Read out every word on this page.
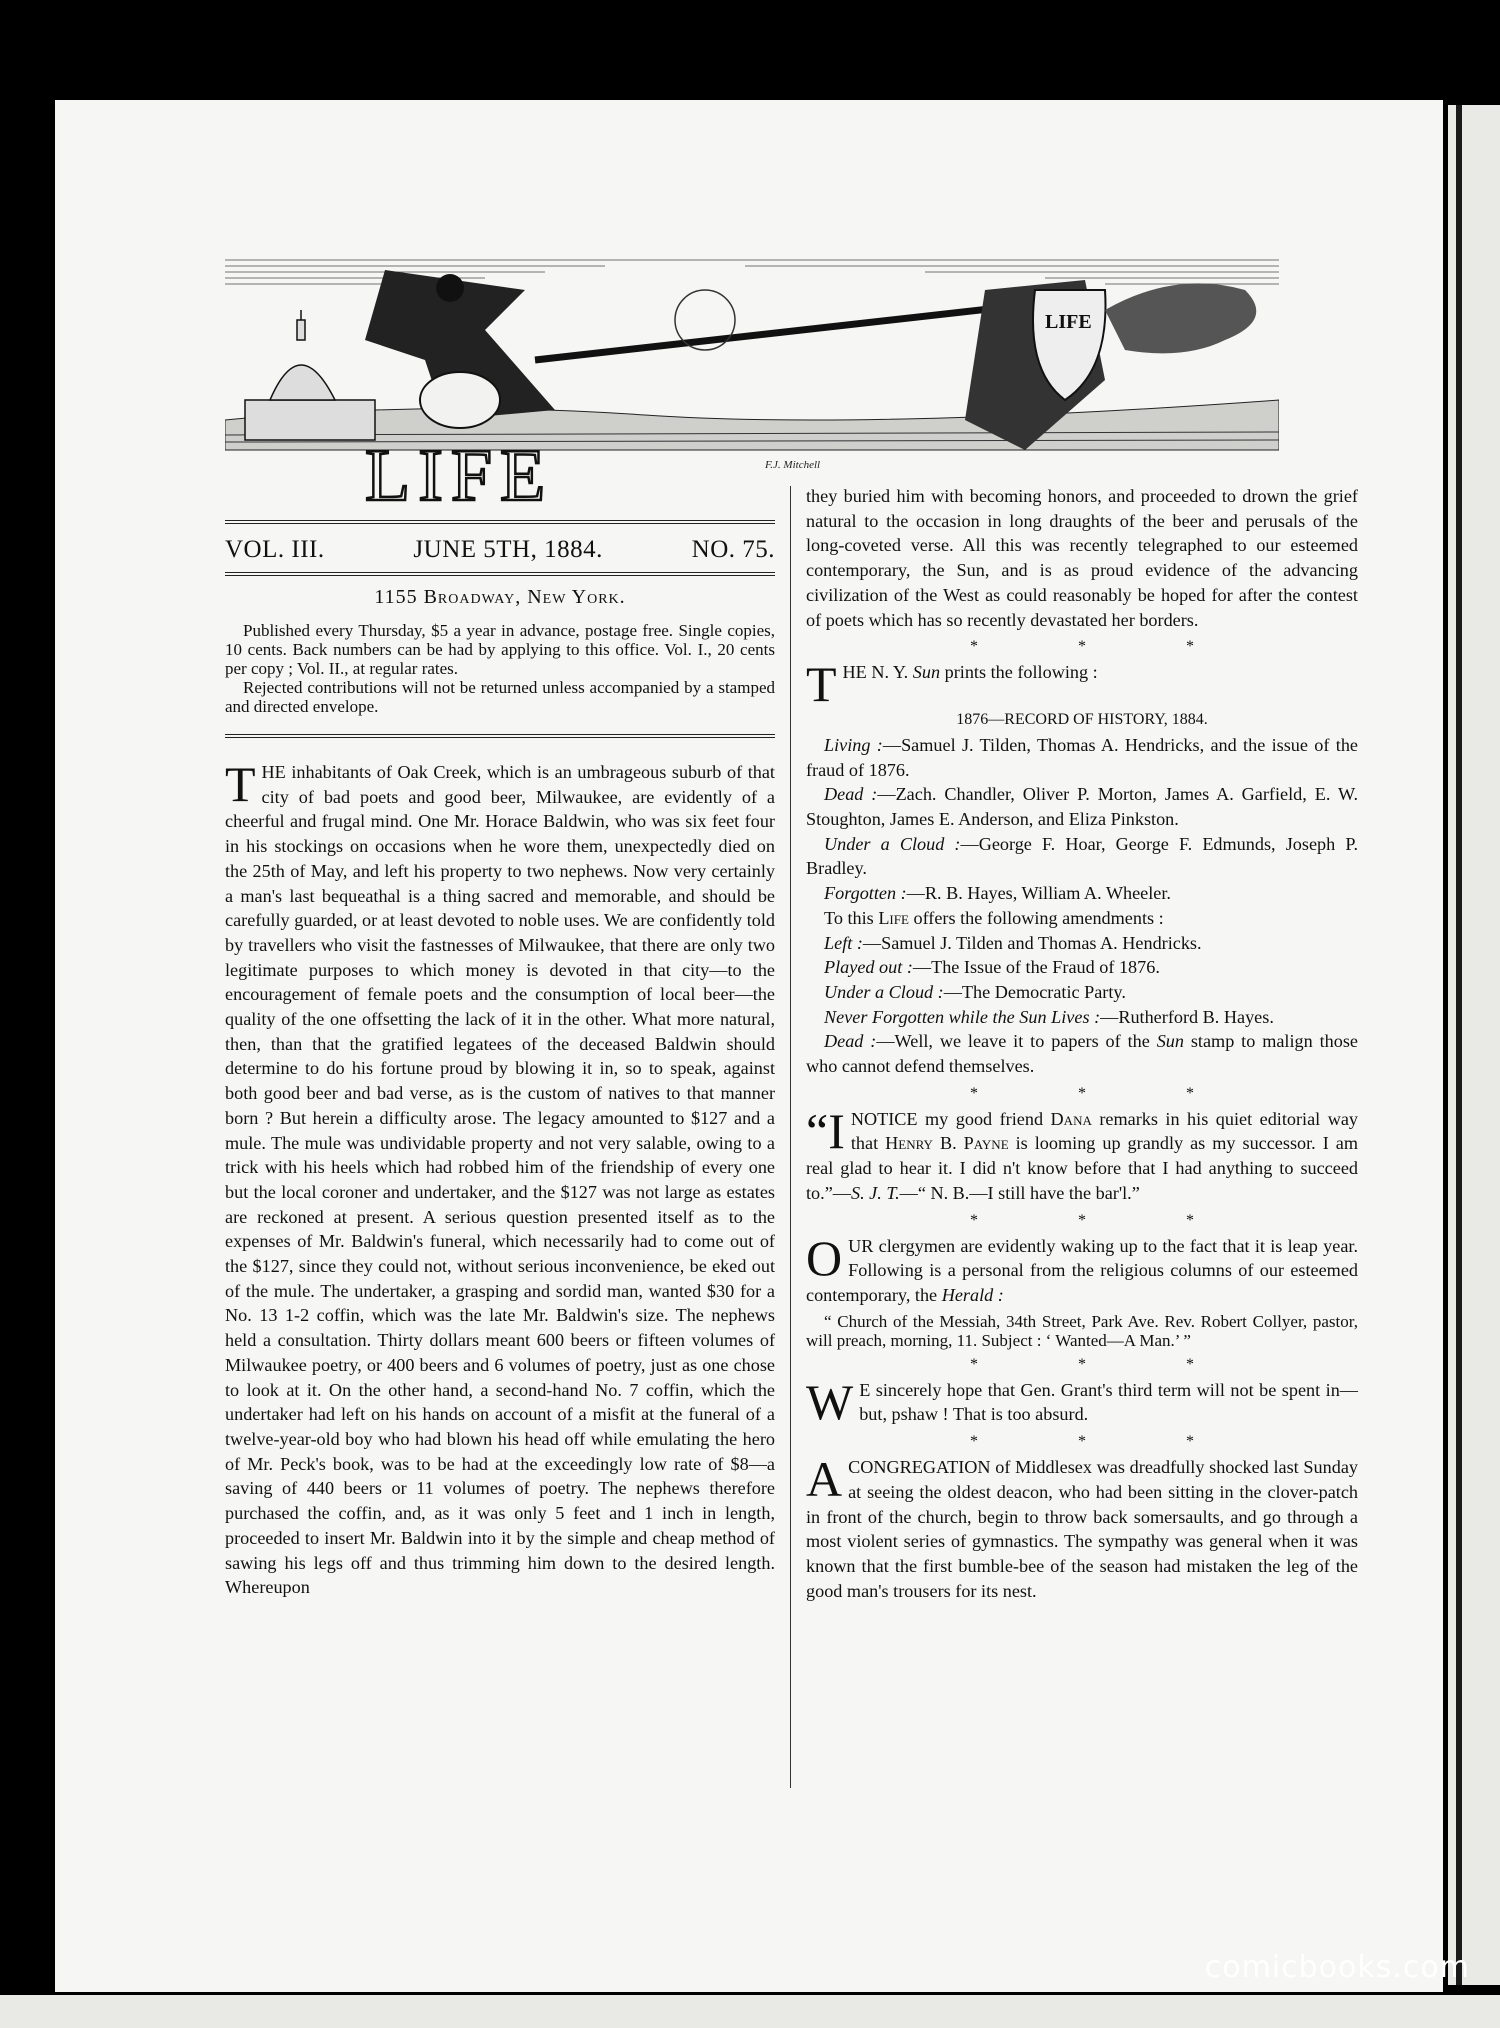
LIFE
LIFE	F.J. Mitchell
VOL. III.	JUNE 5TH, 1884.	NO. 75.
1155 Broadway, New York.

Published every Thursday, $5 a year in advance, postage free. Single copies, 10 cents. Back numbers can be had by applying to this office. Vol. I., 20 cents per copy ; Vol. II., at regular rates.

Rejected contributions will not be returned unless accompanied by a stamped and directed envelope.

T HE inhabitants of Oak Creek, which is an umbrageous suburb of that city of bad poets and good beer, Milwaukee, are evidently of a cheerful and frugal mind. One Mr. Horace Baldwin, who was six feet four in his stockings on occasions when he wore them, unexpectedly died on the 25th of May, and left his property to two nephews. Now very certainly a man's last bequeathal is a thing sacred and memorable, and should be carefully guarded, or at least devoted to noble uses. We are confidently told by travellers who visit the fastnesses of Milwaukee, that there are only two legitimate purposes to which money is devoted in that city—to the encouragement of female poets and the consumption of local beer—the quality of the one offsetting the lack of it in the other. What more natural, then, than that the gratified legatees of the deceased Baldwin should determine to do his fortune proud by blowing it in, so to speak, against both good beer and bad verse, as is the custom of natives to that manner born ? But herein a difficulty arose. The legacy amounted to $127 and a mule. The mule was undividable property and not very salable, owing to a trick with his heels which had robbed him of the friendship of every one but the local coroner and undertaker, and the $127 was not large as estates are reckoned at present. A serious question presented itself as to the expenses of Mr. Baldwin's funeral, which necessarily had to come out of the $127, since they could not, without serious inconvenience, be eked out of the mule. The undertaker, a grasping and sordid man, wanted $30 for a No. 13 1-2 coffin, which was the late Mr. Baldwin's size. The nephews held a consultation. Thirty dollars meant 600 beers or fifteen volumes of Milwaukee poetry, or 400 beers and 6 volumes of poetry, just as one chose to look at it. On the other hand, a second-hand No. 7 coffin, which the undertaker had left on his hands on account of a misfit at the funeral of a twelve-year-old boy who had blown his head off while emulating the hero of Mr. Peck's book, was to be had at the exceedingly low rate of $8—a saving of 440 beers or 11 volumes of poetry. The nephews therefore purchased the coffin, and, as it was only 5 feet and 1 inch in length, proceeded to insert Mr. Baldwin into it by the simple and cheap method of sawing his legs off and thus trimming him down to the desired length. Whereupon
they buried him with becoming honors, and proceeded to drown the grief natural to the occasion in long draughts of the beer and perusals of the long-coveted verse. All this was recently telegraphed to our esteemed contemporary, the Sun, and is as proud evidence of the advancing civilization of the West as could reasonably be hoped for after the contest of poets which has so recently devastated her borders.
* * *

THE N. Y. Sun prints the following :

1876—RECORD OF HISTORY, 1884.

Living :—Samuel J. Tilden, Thomas A. Hendricks, and the issue of the fraud of 1876.

Dead :—Zach. Chandler, Oliver P. Morton, James A. Garfield, E. W. Stoughton, James E. Anderson, and Eliza Pinkston.

Under a Cloud :—George F. Hoar, George F. Edmunds, Joseph P. Bradley.

Forgotten :—R. B. Hayes, William A. Wheeler.

To this Life offers the following amendments :

Left :—Samuel J. Tilden and Thomas A. Hendricks.

Played out :—The Issue of the Fraud of 1876.

Under a Cloud :—The Democratic Party.

Never Forgotten while the Sun Lives :—Rutherford B. Hayes.

Dead :—Well, we leave it to papers of the Sun stamp to malign those who cannot defend themselves.

* * *
“I NOTICE my good friend Dana remarks in his quiet editorial way that Henry B. Payne is looming up grandly as my successor. I am real glad to hear it. I did n't know before that I had anything to succeed to.”—S. J. T.—“ N. B.—I still have the bar'l.”
* * *
OUR clergymen are evidently waking up to the fact that it is leap year. Following is a personal from the religious columns of our esteemed contemporary, the Herald :
“ Church of the Messiah, 34th Street, Park Ave. Rev. Robert Collyer, pastor, will preach, morning, 11. Subject : ‘ Wanted—A Man.’ ”
* * *
W E sincerely hope that Gen. Grant's third term will not be spent in—but, pshaw ! That is too absurd.
* * *
A CONGREGATION of Middlesex was dreadfully shocked last Sunday at seeing the oldest deacon, who had been sitting in the clover-patch in front of the church, begin to throw back somersaults, and go through a most violent series of gymnastics. The sympathy was general when it was known that the first bumble-bee of the season had mistaken the leg of the good man's trousers for its nest.
comicbooks.com
